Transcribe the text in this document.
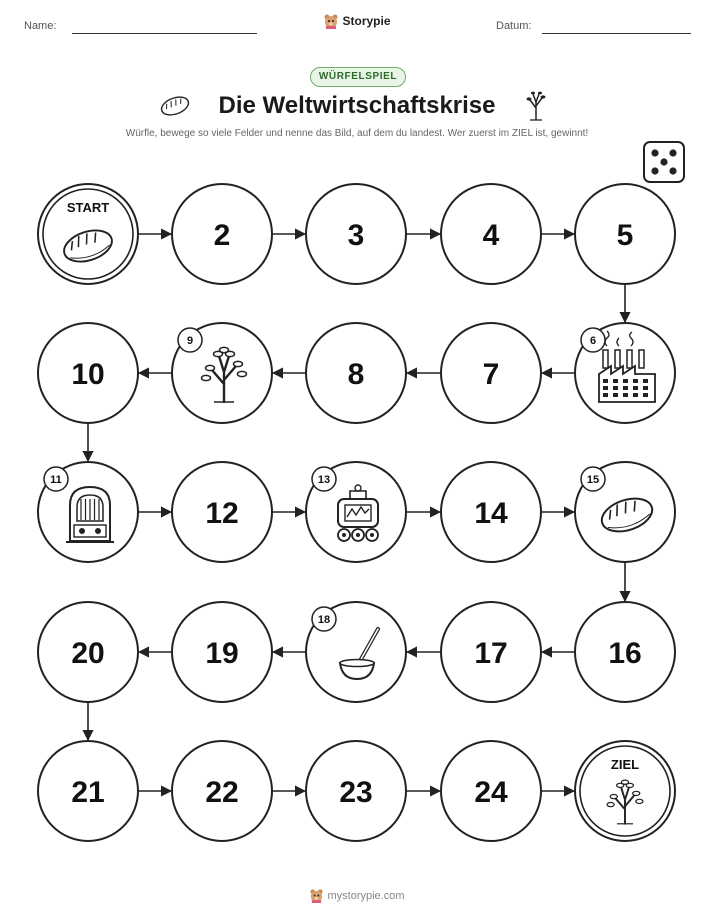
Name:	Storypie	Datum:
WÜRFELSPIEL
Die Weltwirtschaftskrise
Würfle, bewege so viele Felder und nenne das Bild, auf dem du landest. Wer zuerst im ZIEL ist, gewinnt!
START
2	3	4	5
6
7
8
9
10
11
12
13
14
15
16
17
18
19
20
21	22	23	24
ZIEL
mystorypie.com
